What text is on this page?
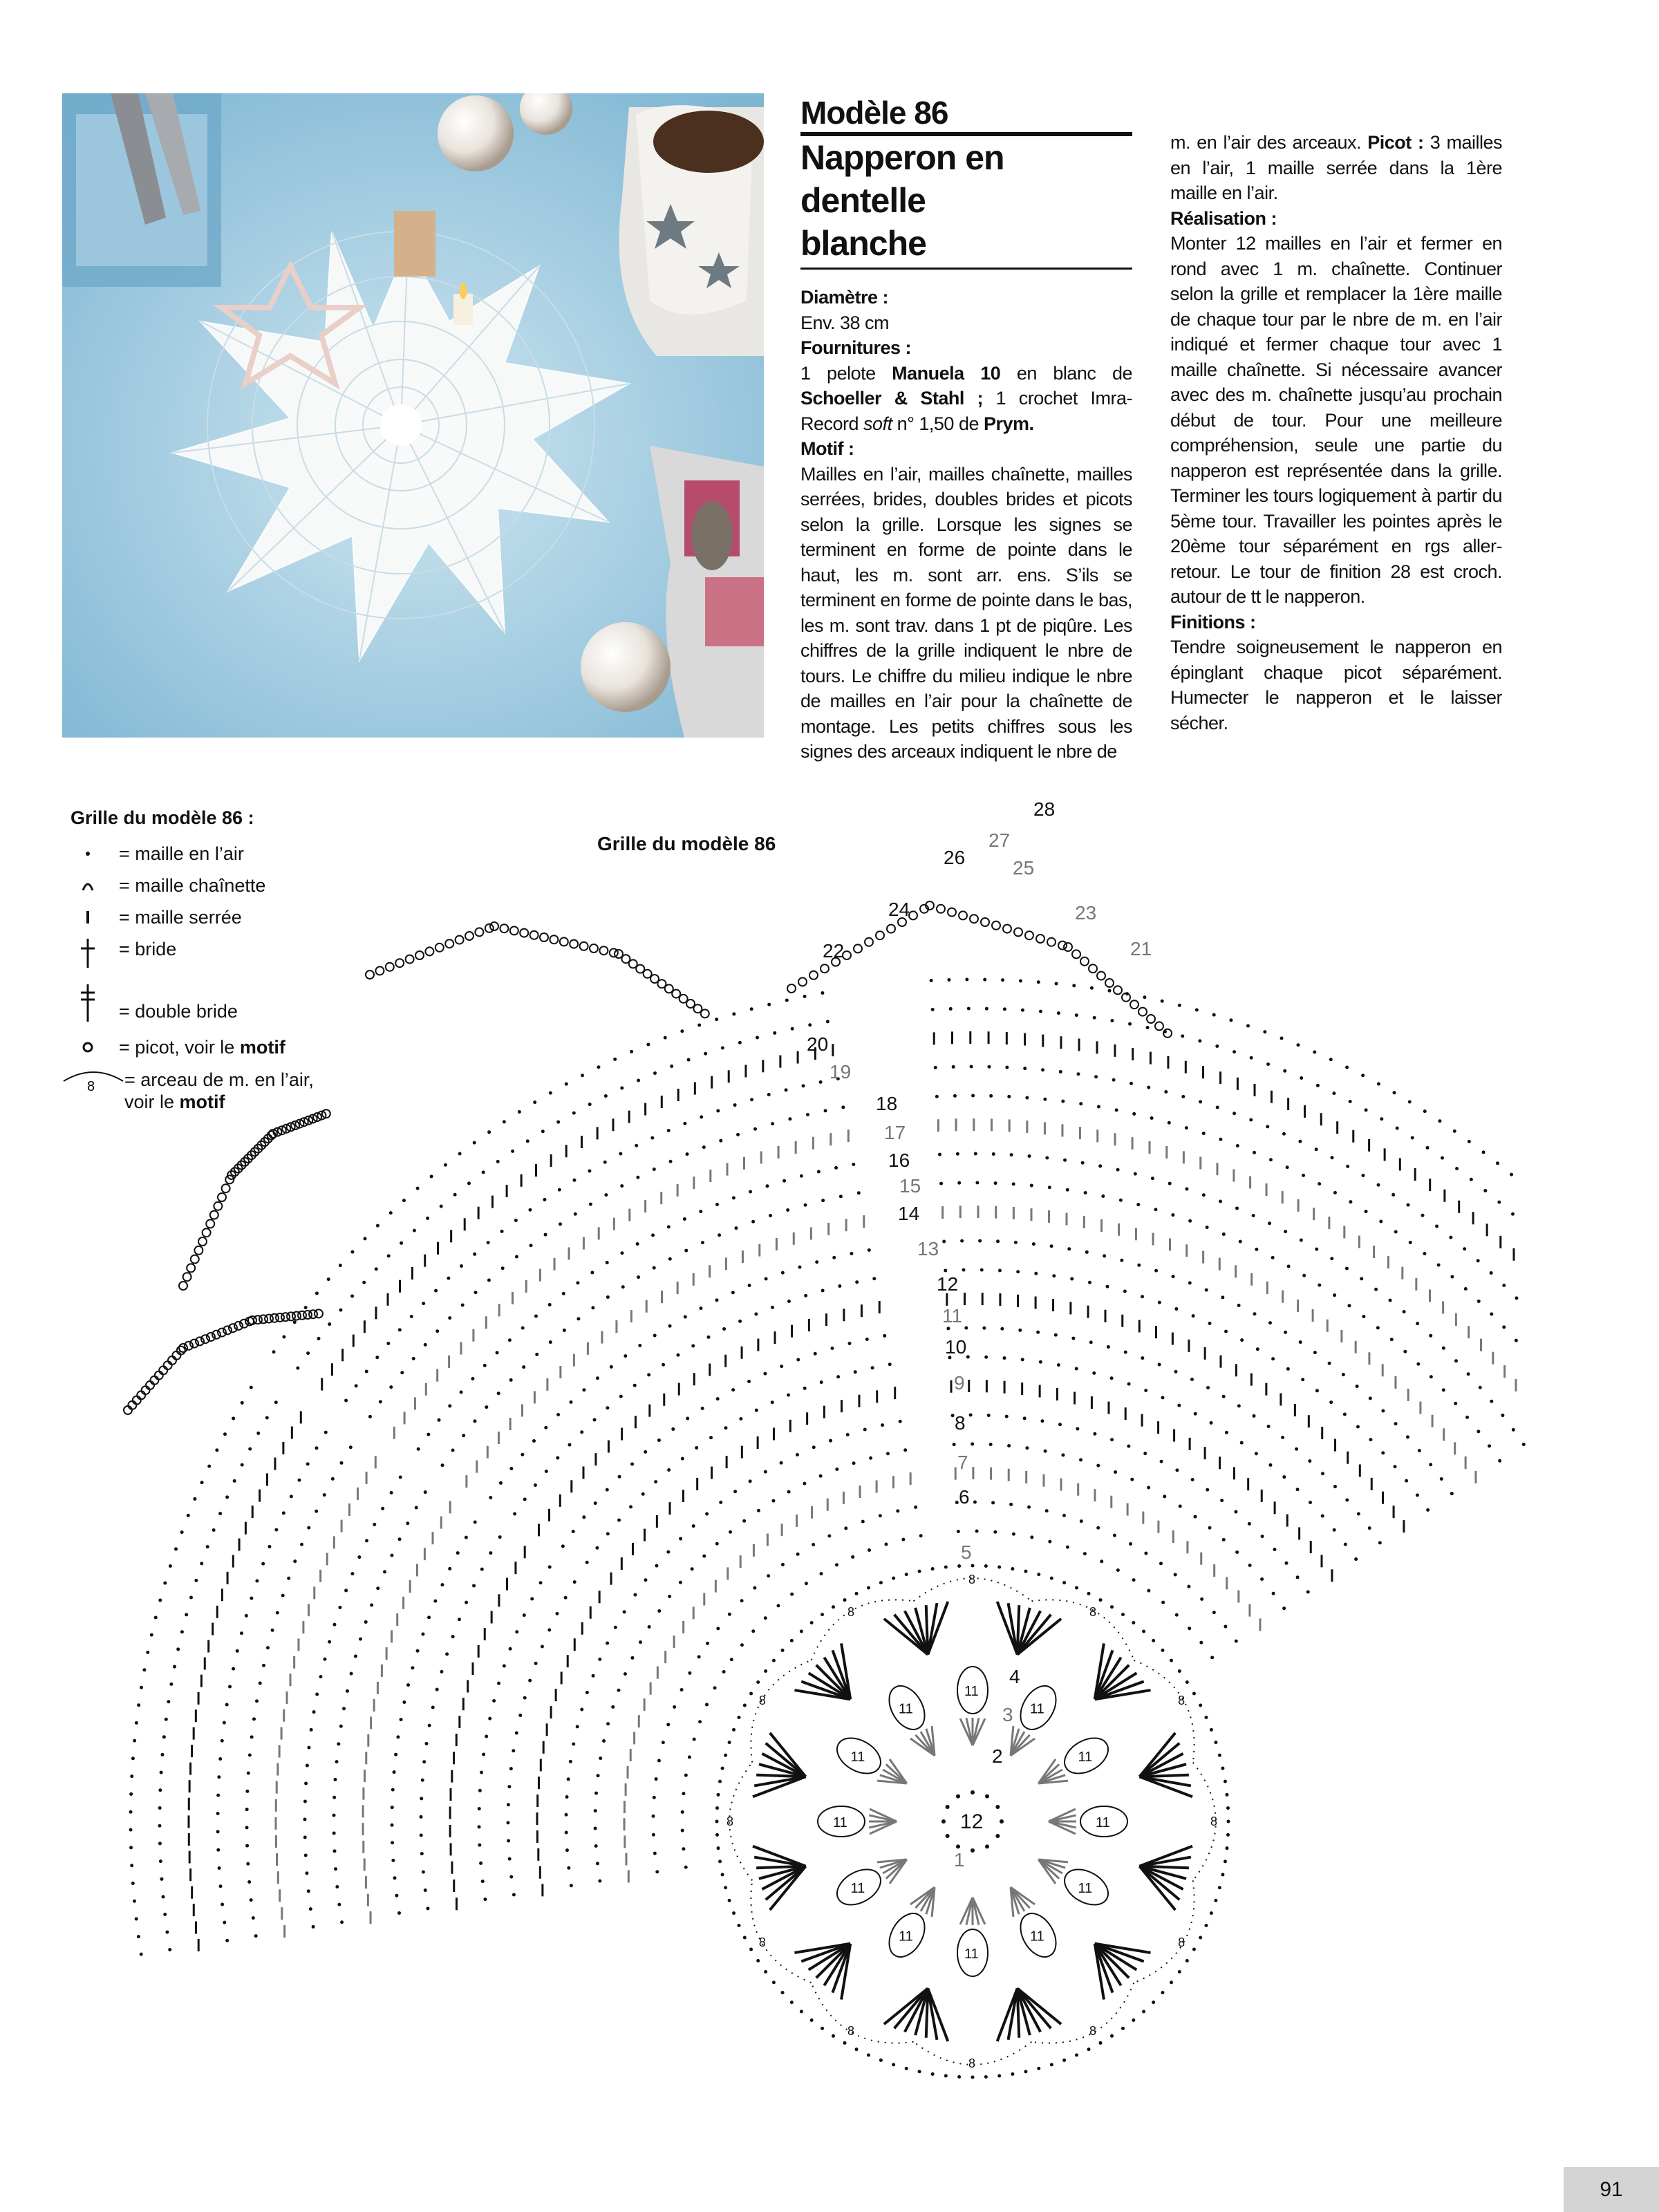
Modèle 86
Napperon en dentelle
blanche
Diamètre :
Env. 38 cm
Fournitures :
1 pelote Manuela 10 en blanc de Schoeller & Stahl ; 1 crochet Imra-Record soft n° 1,50 de Prym.
Motif :
Mailles en l’air, mailles chaînette, mailles serrées, brides, doubles brides et picots selon la grille. Lorsque les signes se terminent en forme de pointe dans le haut, les m. sont arr. ens. S’ils se terminent en forme de pointe dans le bas, les m. sont trav. dans 1 pt de piqûre. Les chiffres de la grille indiquent le nbre de tours. Le chiffre du milieu indique le nbre de mailles en l’air pour la chaînette de montage. Les petits chiffres sous les signes des arceaux indiquent le nbre de
m. en l’air des arceaux. Picot : 3 mailles en l’air, 1 maille serrée dans la 1ère maille en l’air.
Réalisation :
Monter 12 mailles en l’air et fermer en rond avec 1 m. chaînette. Continuer selon la grille et remplacer la 1ère maille de chaque tour par le nbre de m. en l’air indiqué et fermer chaque tour avec 1 maille chaînette. Si nécessaire avancer avec des m. chaînette jusqu’au prochain début de tour. Pour une meilleure compréhension, seule une partie du napperon est représentée dans la grille. Terminer les tours logiquement à partir du 5ème tour. Travailler les pointes après le 20ème tour séparément en rgs aller-retour. Le tour de finition 28 est croch. autour de tt le napperon.
Finitions :
Tendre soigneusement le napperon en épinglant chaque picot séparément. Humecter le napperon et le laisser sécher.
Grille du modèle 86 :
= maille en l’air
= maille chaînette
= maille serrée
= bride
= double bride
= picot, voir le motif
8 = arceau de m. en l’air,
voir le motif
Grille du modèle 86
12
11
8
11
8
11
8
11
8
11
8
11
8
11
8
11
8
11
8	11
8
11
8
11
8
1
2
3
4
5
6
7
8
9
10
11
12
13
14
15
16
17
18
19
20
21
22
23
24
25
26
27
28
91
